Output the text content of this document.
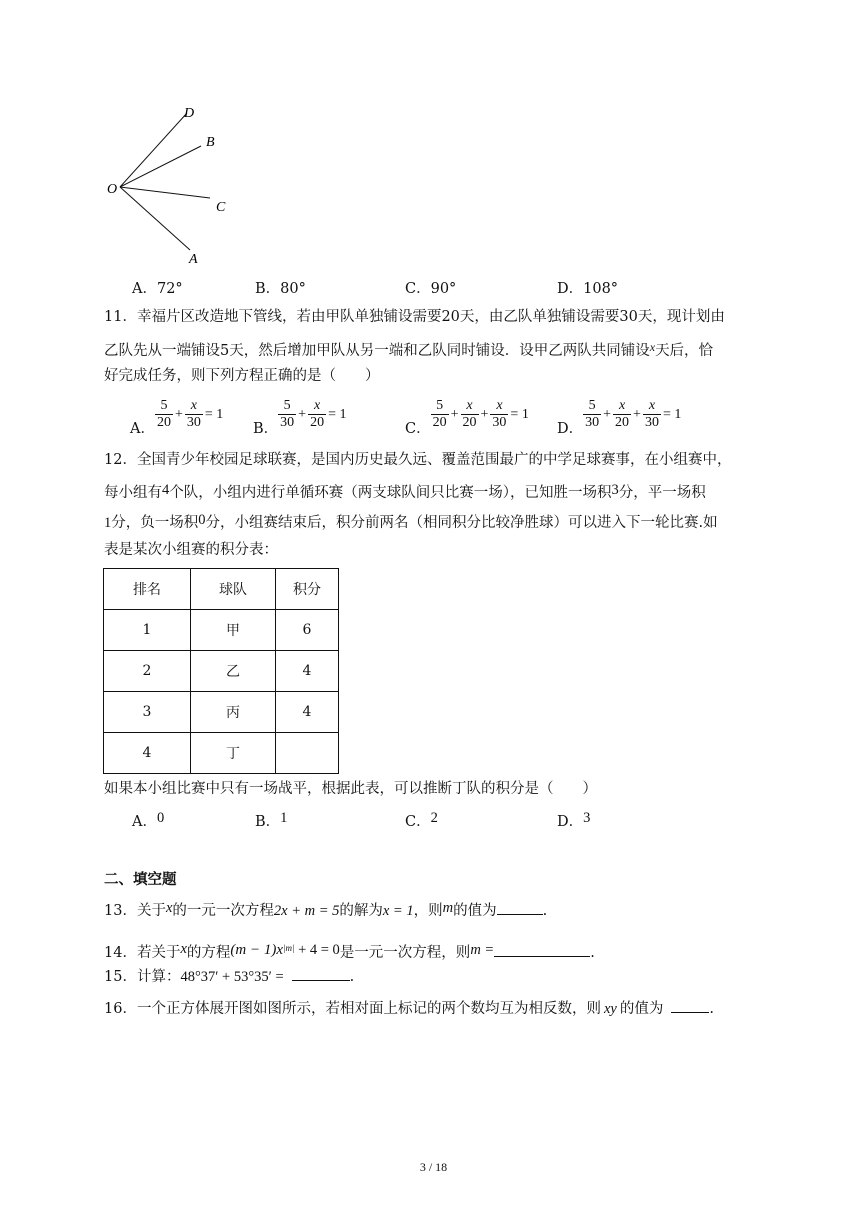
D
B
O
C
A
A．72°	B．80°	C．90°	D．108°
11．幸福片区改造地下管线，若由甲队单独铺设需要20天，由乙队单独铺设需要30天，现计划由
乙队先从一端铺设5天，然后增加甲队从另一端和乙队同时铺设．设甲乙两队共同铺设$^x$天后，恰
好完成任务，则下列方程正确的是（　　）
A． $\frac{5}{20} + \frac{x}{30} = 1$
B． $\frac{5}{30} + \frac{x}{20} = 1$
C． $\frac{5}{20} + \frac{x}{20} + \frac{x}{30} = 1$
D． $\frac{5}{30} + \frac{x}{20} + \frac{x}{30} = 1$
12．全国青少年校园足球联赛，是国内历史最久远、覆盖范围最广的中学足球赛事，在小组赛中，
每小组有4个队，小组内进行单循环赛（两支球队间只比赛一场），已知胜一场积3分，平一场积
1分，负一场积0分，小组赛结束后，积分前两名（相同积分比较净胜球）可以进入下一轮比赛.如
表是某次小组赛的积分表：
排名	球队	积分
1	甲	6
2	乙	4
3	丙	4
4	丁	
如果本小组比赛中只有一场战平，根据此表，可以推断丁队的积分是（　　）
A．0	B．1	C．2	D．3
二、填空题
13．关于x的一元一次方程2x + m = 5的解为x = 1，则m的值为	.
14．若关于x的方程$(m - 1)x^{|m|} + 4 = 0$是一元一次方程，则m =	.
15．计算：48°37′ + 53°35′ =	.
16．一个正方体展开图如图所示，若相对面上标记的两个数均互为相反数，则 xy 的值为	.
3 / 18
